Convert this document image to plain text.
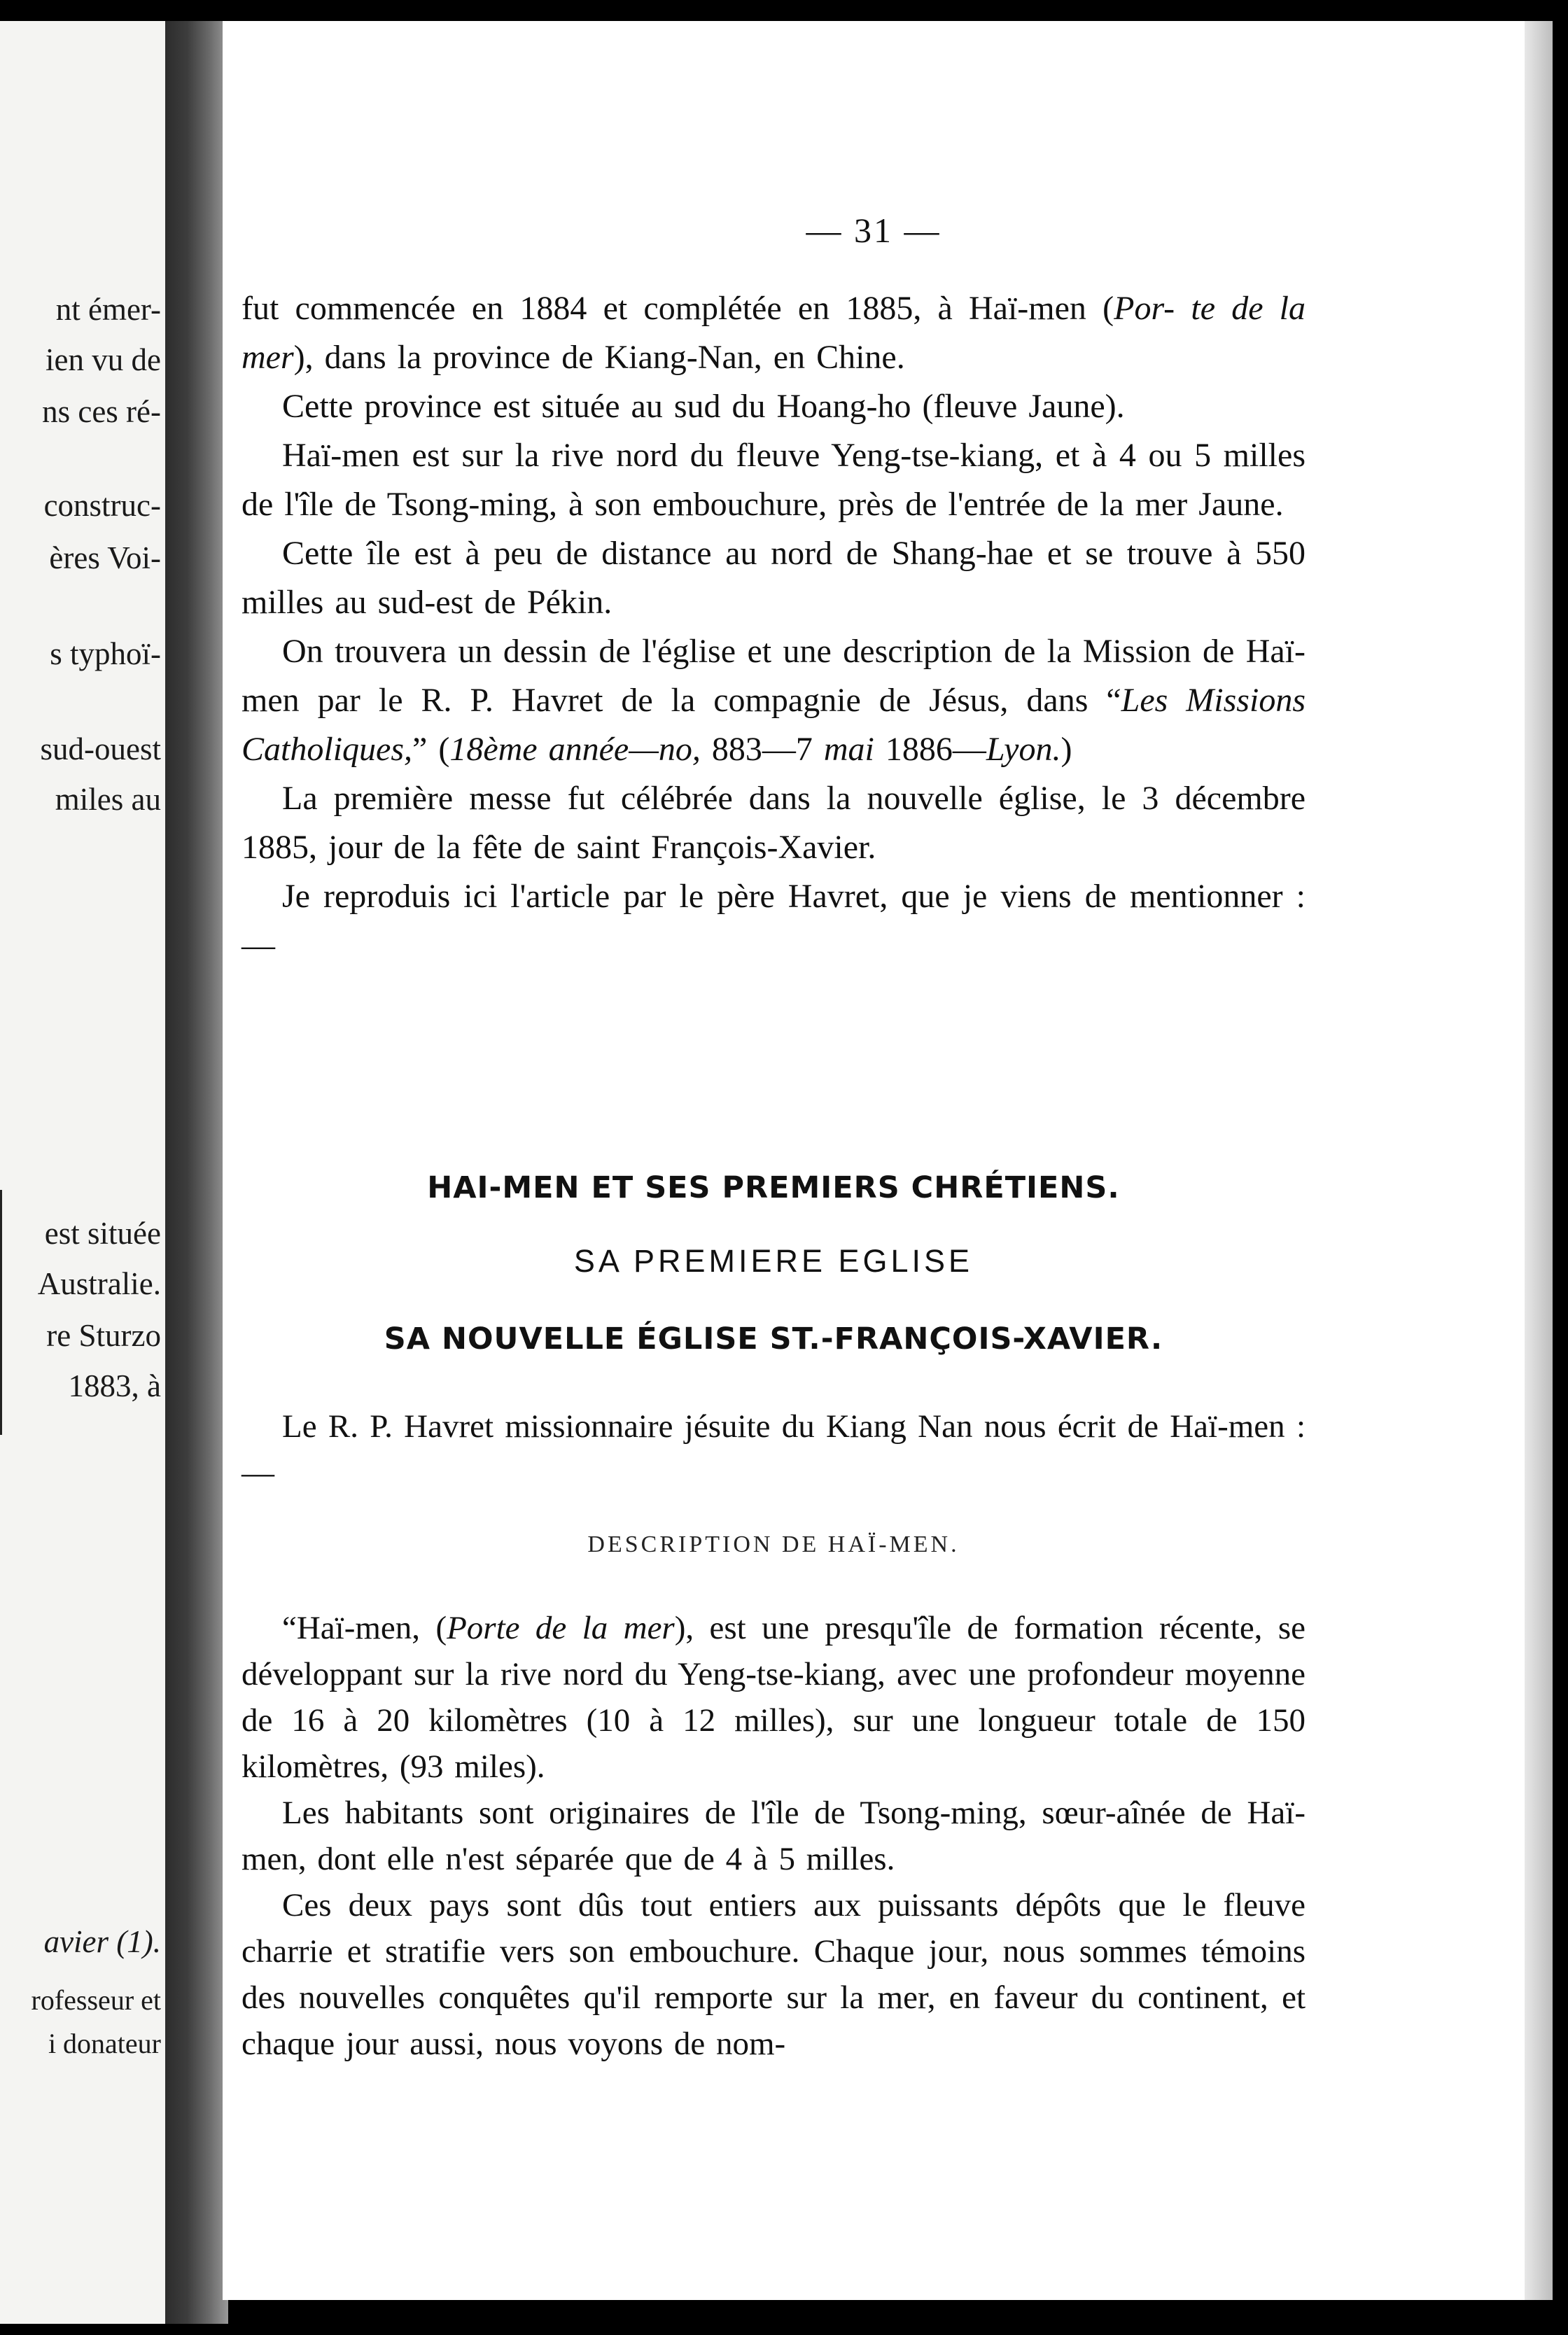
nt émer-
ien vu de
ns ces ré-
construc-
ères Voi-
s typhoï-
sud-ouest
miles au
est située
Australie.
re Sturzo
1883, à
avier (1).
rofesseur et
i donateur
— 31 —

fut commencée en 1884 et complétée en 1885, à Haï-men (Por- te de la mer), dans la province de Kiang-Nan, en Chine.

Cette province est située au sud du Hoang-ho (fleuve Jaune).

Haï-men est sur la rive nord du fleuve Yeng-tse-kiang, et à 4 ou 5 milles de l'île de Tsong-ming, à son embouchure, près de l'entrée de la mer Jaune.

Cette île est à peu de distance au nord de Shang-hae et se trouve à 550 milles au sud-est de Pékin.

On trouvera un dessin de l'église et une description de la Mission de Haï-men par le R. P. Havret de la compagnie de Jésus, dans “Les Missions Catholiques,” (18ème année—no, 883—7 mai 1886—Lyon.)

La première messe fut célébrée dans la nouvelle église, le 3 décembre 1885, jour de la fête de saint François-Xavier.

Je reproduis ici l'article par le père Havret, que je viens de mentionner :—

HAI-MEN ET SES PREMIERS CHRÉTIENS.
SA PREMIERE EGLISE
SA NOUVELLE ÉGLISE ST.-FRANÇOIS-XAVIER.

Le R. P. Havret missionnaire jésuite du Kiang Nan nous écrit de Haï-men :—

DESCRIPTION DE HAÏ-MEN.

“Haï-men, (Porte de la mer), est une presqu'île de formation récente, se développant sur la rive nord du Yeng-tse-kiang, avec une profondeur moyenne de 16 à 20 kilomètres (10 à 12 milles), sur une longueur totale de 150 kilomètres, (93 miles).

Les habitants sont originaires de l'île de Tsong-ming, sœur-aînée de Haï-men, dont elle n'est séparée que de 4 à 5 milles.

Ces deux pays sont dûs tout entiers aux puissants dépôts que le fleuve charrie et stratifie vers son embouchure. Chaque jour, nous sommes témoins des nouvelles conquêtes qu'il remporte sur la mer, en faveur du continent, et chaque jour aussi, nous voyons de nom-
